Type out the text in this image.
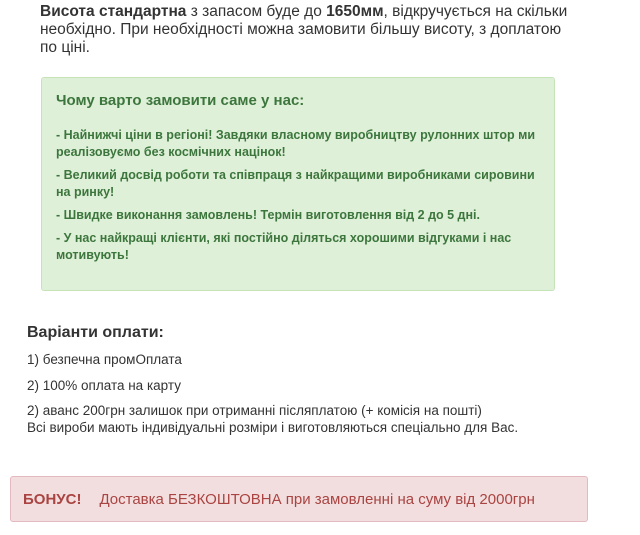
Висота стандартна з запасом буде до 1650мм, відкручується на скільки необхідно. При необхідності можна замовити більшу висоту, з доплатою по ціні.
Чому варто замовити саме у нас:
- Найнижчі ціни в регіоні! Завдяки власному виробництву рулонних штор ми реалізовуємо без космічних націнок!
- Великий досвід роботи та співпраця з найкращими виробниками сировини на ринку!
- Швидке виконання замовлень! Термін виготовлення від 2 до 5 дні.
- У нас найкращі клієнти, які постійно діляться хорошими відгуками і нас мотивують!
Варіанти оплати:
1) безпечна промОплата
2) 100% оплата на карту
2) аванс 200грн залишок при отриманні післяплатою (+ комісія на пошті)
Всі вироби мають індивідуальні розміри і виготовляються спеціально для Вас.
БОНУС! Доставка БЕЗКОШТОВНА при замовленні на суму від 2000грн
